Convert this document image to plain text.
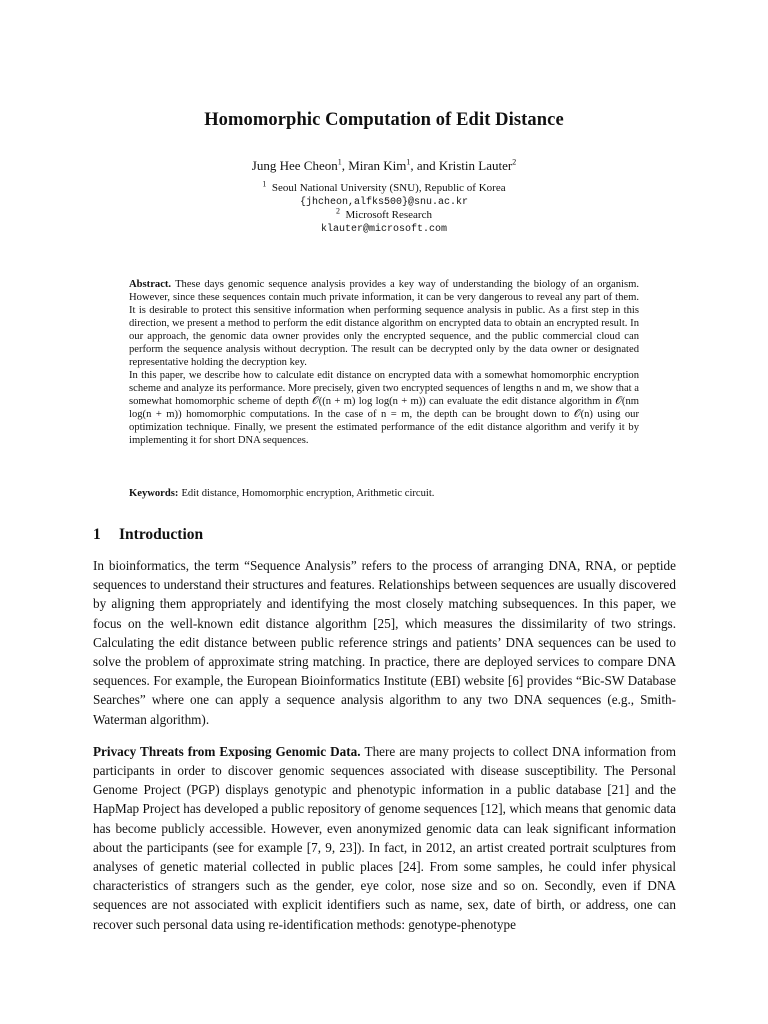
Homomorphic Computation of Edit Distance
Jung Hee Cheon$^1$, Miran Kim$^1$, and Kristin Lauter$^2$
$^1$ Seoul National University (SNU), Republic of Korea
{jhcheon,alfks500}@snu.ac.kr
$^2$ Microsoft Research
klauter@microsoft.com

Abstract. These days genomic sequence analysis provides a key way of understanding the biology of an organism. However, since these sequences contain much private information, it can be very dangerous to reveal any part of them. It is desirable to protect this sensitive information when performing sequence analysis in public. As a first step in this direction, we present a method to perform the edit distance algorithm on encrypted data to obtain an encrypted result. In our approach, the genomic data owner provides only the encrypted sequence, and the public commercial cloud can perform the sequence analysis without decryption. The result can be decrypted only by the data owner or designated representative holding the decryption key.

In this paper, we describe how to calculate edit distance on encrypted data with a somewhat homomorphic encryption scheme and analyze its performance. More precisely, given two encrypted sequences of lengths n and m, we show that a somewhat homomorphic scheme of depth 𝒪((n + m) log log(n + m)) can evaluate the edit distance algorithm in 𝒪(nm log(n + m)) homomorphic computations. In the case of n = m, the depth can be brought down to 𝒪(n) using our optimization technique. Finally, we present the estimated performance of the edit distance algorithm and verify it by implementing it for short DNA sequences.

Keywords: Edit distance, Homomorphic encryption, Arithmetic circuit.
1 Introduction

In bioinformatics, the term “Sequence Analysis” refers to the process of arranging DNA, RNA, or peptide sequences to understand their structures and features. Relationships between sequences are usually discovered by aligning them appropriately and identifying the most closely matching subsequences. In this paper, we focus on the well-known edit distance algorithm [25], which measures the dissimilarity of two strings. Calculating the edit distance between public reference strings and patients’ DNA sequences can be used to solve the problem of approximate string matching. In practice, there are deployed services to compare DNA sequences. For example, the European Bioinformatics Institute (EBI) website [6] provides “Bic-SW Database Searches” where one can apply a sequence analysis algorithm to any two DNA sequences (e.g., Smith-Waterman algorithm).

Privacy Threats from Exposing Genomic Data. There are many projects to collect DNA information from participants in order to discover genomic sequences associated with disease susceptibility. The Personal Genome Project (PGP) displays genotypic and phenotypic information in a public database [21] and the HapMap Project has developed a public repository of genome sequences [12], which means that genomic data has become publicly accessible. However, even anonymized genomic data can leak significant information about the participants (see for example [7, 9, 23]). In fact, in 2012, an artist created portrait sculptures from analyses of genetic material collected in public places [24]. From some samples, he could infer physical characteristics of strangers such as the gender, eye color, nose size and so on. Secondly, even if DNA sequences are not associated with explicit identifiers such as name, sex, date of birth, or address, one can recover such personal data using re-identification methods: genotype-phenotype
